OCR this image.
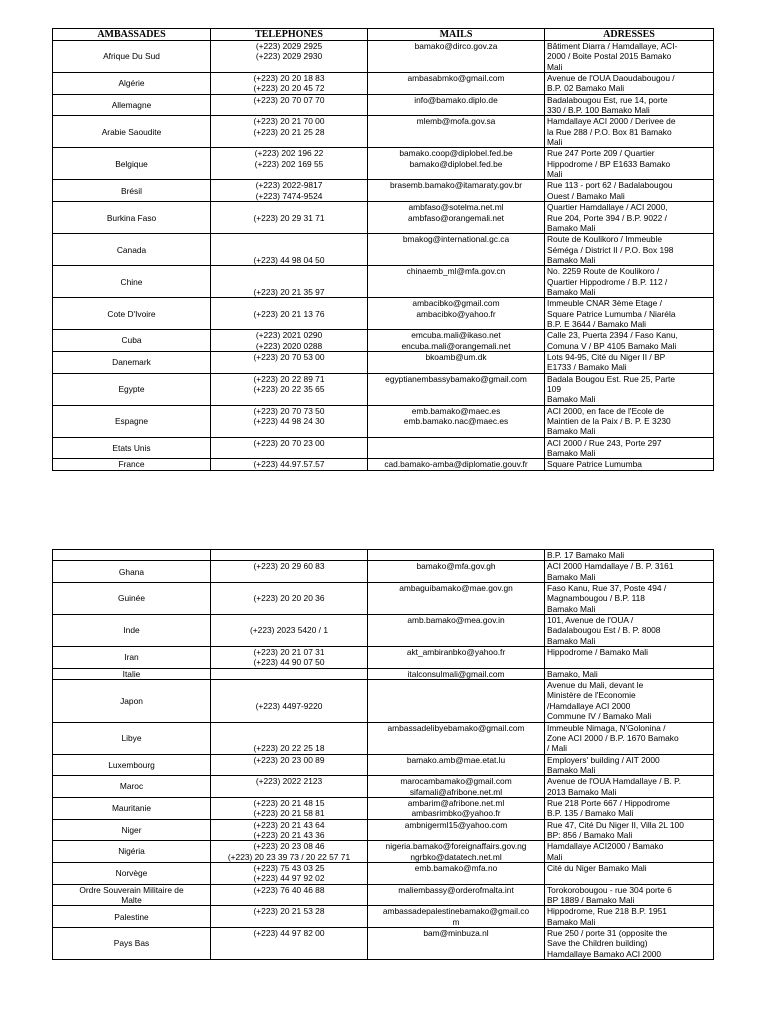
AMBASSADES	TELEPHONES	MAILS	ADRESSES

Afrique Du Sud	(+223) 2029 2925
(+223) 2029 2930	bamako@dirco.gov.za	Bâtiment Diarra / Hamdallaye, ACI-
2000 / Boite Postal 2015 Bamako
Mali

Algérie	(+223) 20 20 18 83
(+223) 20 20 45 72	ambasabmko@gmail.com	Avenue de l'OUA Daoudabougou /
B.P. 02 Bamako Mali

Allemagne	(+223) 20 70 07 70	info@bamako.diplo.de	Badalabougou Est, rue 14, porte
330 / B.P. 100 Bamako Mali

Arabie Saoudite	(+223) 20 21 70 00
(+223) 20 21 25 28	mlemb@mofa.gov.sa	Hamdallaye ACI 2000 / Derivee de
la Rue 288 / P.O. Box 81 Bamako
Mali

Belgique	(+223) 202 196 22
(+223) 202 169 55	bamako.coop@diplobel.fed.be
bamako@diplobel.fed.be	Rue 247 Porte 209 / Quartier
Hippodrome / BP E1633 Bamako
Mali

Brésil	(+223) 2022-9817
(+223) 7474-9524	brasemb.bamako@itamaraty.gov.br	Rue 113 - port 62 / Badalabougou
Ouest / Bamako Mali

Burkina Faso	(+223) 20 29 31 71	ambfaso@sotelma.net.ml
ambfaso@orangemali.net	Quartier Hamdallaye / ACI 2000,
Rue 204, Porte 394 / B.P. 9022 /
Bamako Mali

Canada	(+223) 44 98 04 50	bmakog@international.gc.ca	Route de Koulikoro / Immeuble
Séméga / District II / P.O. Box 198
Bamako Mali

Chine	(+223) 20 21 35 97	chinaemb_ml@mfa.gov.cn	No. 2259 Route de Koulikoro /
Quartier Hippodrome / B.P. 112 /
Bamako Mali

Cote D'Ivoire	(+223) 20 21 13 76	ambacibko@gmail.com
ambacibko@yahoo.fr	Immeuble CNAR 3ème Etage /
Square Patrice Lumumba / Niaréla
B.P. E 3644 / Bamako Mali

Cuba	(+223) 2021 0290
(+223) 2020 0288	emcuba.mali@ikaso.net
encuba.mali@orangemali.net	Calle 23, Puerta 2394 / Faso Kanu,
Comuna V / BP 4105 Bamako Mali

Danemark	(+223) 20 70 53 00	bkoamb@um.dk	Lots 94-95, Cité du Niger II / BP
E1733 / Bamako Mali

Egypte	(+223) 20 22 89 71
(+223) 20 22 35 65	egyptianembassybamako@gmail.com	Badala Bougou Est. Rue 25, Parte
109
Bamako Mali

Espagne	(+223) 20 70 73 50
(+223) 44 98 24 30	emb.bamako@maec.es
emb.bamako.nac@maec.es	ACI 2000, en face de l'Ecole de
Maintien de la Paix / B. P. E 3230
Bamako Mali

Etats Unis	(+223) 20 70 23 00		ACI 2000 / Rue 243, Porte 297
Bamako Mali

France	(+223) 44.97.57.57	cad.bamako-amba@diplomatie.gouv.fr	Square Patrice Lumumba

			B.P. 17 Bamako Mali

Ghana	(+223) 20 29 60 83	bamako@mfa.gov.gh	ACI 2000 Hamdallaye / B. P. 3161
Bamako Mali

Guinée	(+223) 20 20 20 36	ambaguibamako@mae.gov.gn	Faso Kanu, Rue 37, Poste 494 /
Magnambougou / B.P. 118
Bamako Mali

Inde	(+223) 2023 5420 / 1	amb.bamako@mea.gov.in	101, Avenue de l'OUA /
Badalabougou Est / B. P. 8008
Bamako Mali

Iran	(+223) 20 21 07 31
(+223) 44 90 07 50	akt_ambiranbko@yahoo.fr	Hippodrome / Bamako Mali

Italie		italconsulmali@gmail.com	Bamako, Mali

Japon	(+223) 4497-9220		Avenue du Mali, devant le
Ministère de l'Economie
/Hamdallaye ACI 2000
Commune IV / Bamako Mali

Libye	(+223) 20 22 25 18	ambassadelibyebamako@gmail.com	Immeuble Nimaga, N'Golonina /
Zone ACI 2000 / B.P. 1670 Bamako
/ Mali

Luxembourg	(+223) 20 23 00 89	bamako.amb@mae.etat.lu	Employers' building / AIT 2000
Bamako Mali

Maroc	(+223) 2022 2123	marocambamako@gmail.com
sifamali@afribone.net.ml	Avenue de l'OUA Hamdallaye / B. P.
2013 Bamako Mali

Mauritanie	(+223) 20 21 48 15
(+223) 20 21 58 81	ambarim@afribone.net.ml
ambasrimbko@yahoo.fr	Rue 218 Porte 667 / Hippodrome
B.P. 135 / Bamako Mali

Niger	(+223) 20 21 43 64
(+223) 20 21 43 36	ambnigerml15@yahoo.com	Rue 47, Cité Du Niger II, Villa 2L 100
BP: 856 / Bamako Mali

Nigéria	(+223) 20 23 08 46
(+223) 20 23 39 73 / 20 22 57 71	nigeria.bamako@foreignaffairs.gov.ng
ngrbko@datatech.net.ml	Hamdallaye ACI2000 / Bamako
Mali

Norvège	(+223) 75 43 03 25
(+223) 44 97 92 02	emb.bamako@mfa.no	Cité du Niger Bamako Mali

Ordre Souverain Militaire de
Malte	(+223) 76 40 46 88	maliembassy@orderofmalta.int	Torokorobougou - rue 304 porte 6
BP 1889 / Bamako Mali

Palestine	(+223) 20 21 53 28	ambassadepalestinebamako@gmail.co
m	Hippodrome, Rue 218 B.P. 1951
Bamako Mali

Pays Bas	(+223) 44 97 82 00	bam@minbuza.nl	Rue 250 / porte 31 (opposite the
Save the Children building)
Hamdallaye Bamako ACI 2000
